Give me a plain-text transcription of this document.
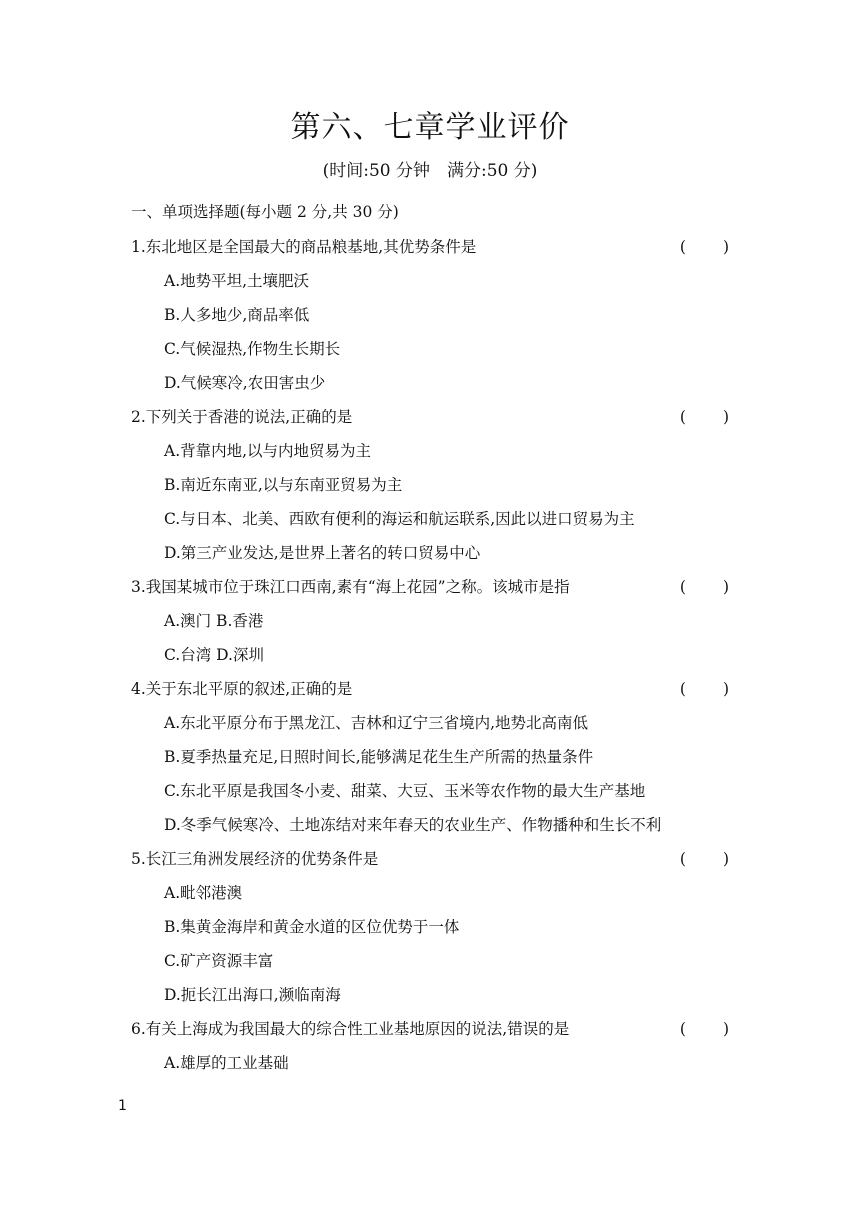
第六、七章学业评价
(时间:50 分钟　满分:50 分)
一、单项选择题(每小题 2 分,共 30 分)
1.东北地区是全国最大的商品粮基地,其优势条件是	(　　)
A.地势平坦,土壤肥沃
B.人多地少,商品率低
C.气候湿热,作物生长期长
D.气候寒冷,农田害虫少
2.下列关于香港的说法,正确的是	(　　)
A.背靠内地,以与内地贸易为主
B.南近东南亚,以与东南亚贸易为主
C.与日本、北美、西欧有便利的海运和航运联系,因此以进口贸易为主
D.第三产业发达,是世界上著名的转口贸易中心
3.我国某城市位于珠江口西南,素有“海上花园”之称。该城市是指	(　　)
A.澳门 B.香港
C.台湾 D.深圳
4.关于东北平原的叙述,正确的是	(　　)
A.东北平原分布于黑龙江、吉林和辽宁三省境内,地势北高南低
B.夏季热量充足,日照时间长,能够满足花生生产所需的热量条件
C.东北平原是我国冬小麦、甜菜、大豆、玉米等农作物的最大生产基地
D.冬季气候寒冷、土地冻结对来年春天的农业生产、作物播种和生长不利
5.长江三角洲发展经济的优势条件是	(　　)
A.毗邻港澳
B.集黄金海岸和黄金水道的区位优势于一体
C.矿产资源丰富
D.扼长江出海口,濒临南海
6.有关上海成为我国最大的综合性工业基地原因的说法,错误的是	(　　)
A.雄厚的工业基础
1
